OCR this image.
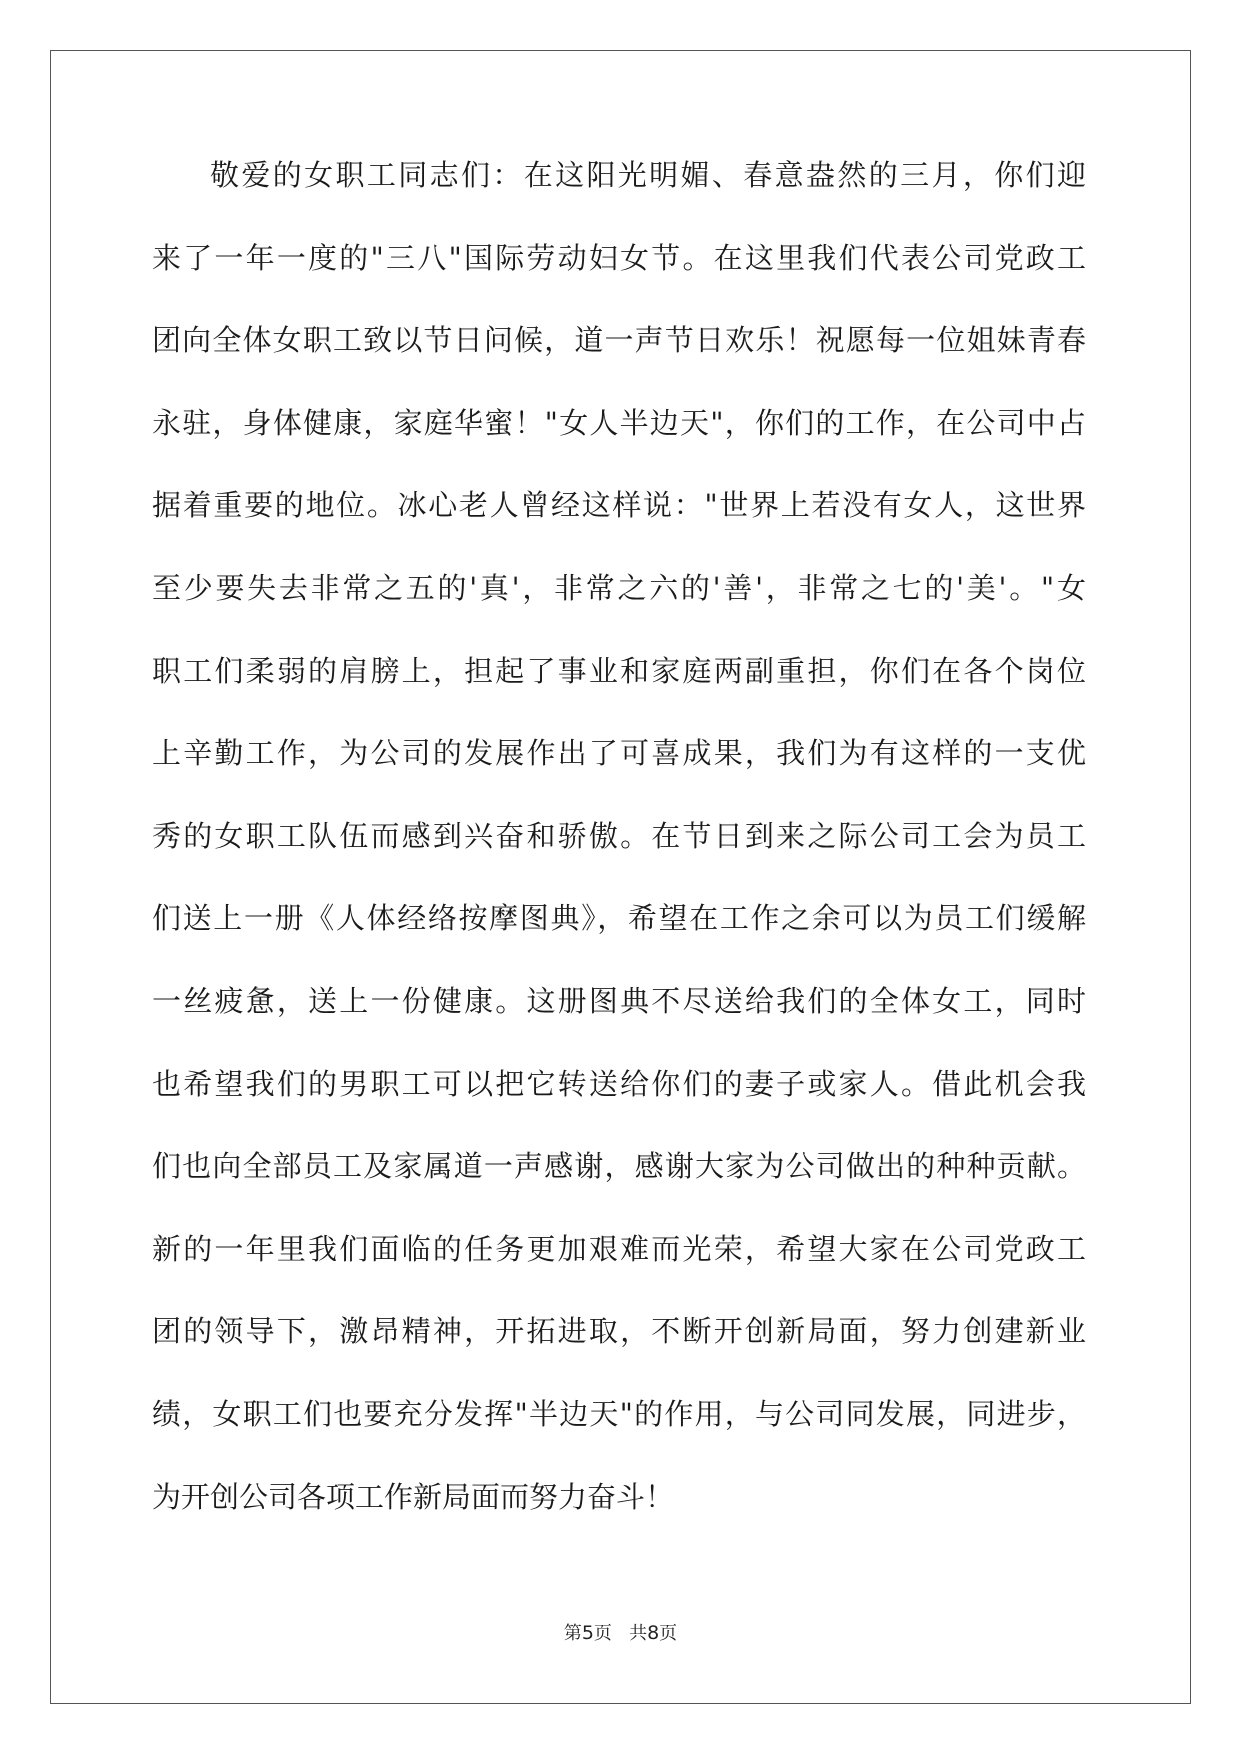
敬爱的女职工同志们：在这阳光明媚、春意盎然的三月，你们迎
来了一年一度的"三八"国际劳动妇女节。在这里我们代表公司党政工
团向全体女职工致以节日问候，道一声节日欢乐！祝愿每一位姐妹青春
永驻，身体健康，家庭华蜜！"女人半边天"，你们的工作，在公司中占
据着重要的地位。冰心老人曾经这样说："世界上若没有女人，这世界
至少要失去非常之五的'真'，非常之六的'善'，非常之七的'美'。"女
职工们柔弱的肩膀上，担起了事业和家庭两副重担，你们在各个岗位
上辛勤工作，为公司的发展作出了可喜成果，我们为有这样的一支优
秀的女职工队伍而感到兴奋和骄傲。在节日到来之际公司工会为员工
们送上一册《人体经络按摩图典》，希望在工作之余可以为员工们缓解
一丝疲惫，送上一份健康。这册图典不尽送给我们的全体女工，同时
也希望我们的男职工可以把它转送给你们的妻子或家人。借此机会我
们也向全部员工及家属道一声感谢，感谢大家为公司做出的种种贡献。
新的一年里我们面临的任务更加艰难而光荣，希望大家在公司党政工
团的领导下，激昂精神，开拓进取，不断开创新局面，努力创建新业
绩，女职工们也要充分发挥"半边天"的作用，与公司同发展，同进步，
为开创公司各项工作新局面而努力奋斗！
第5页 共8页
